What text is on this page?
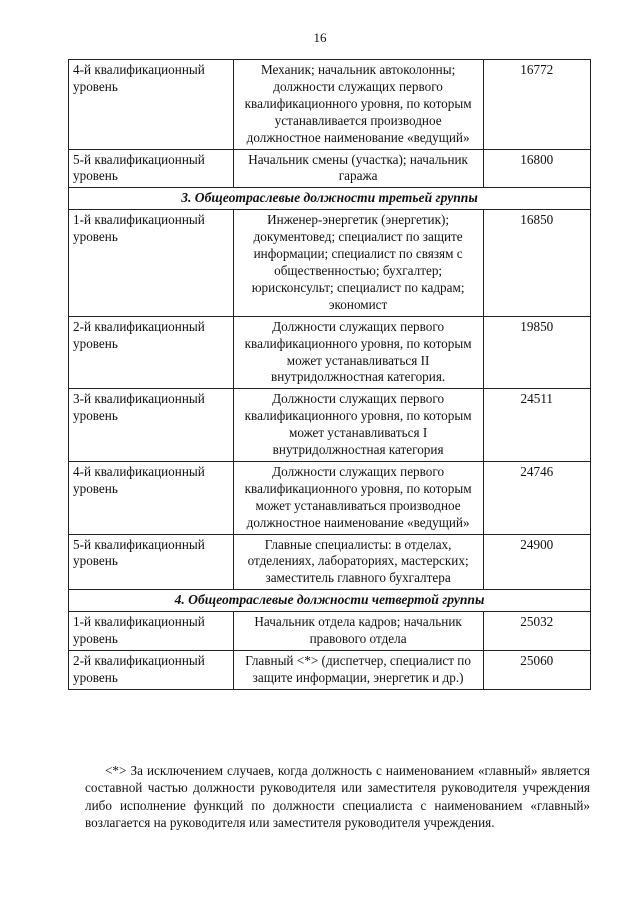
16
4-й квалификационный уровень	Механик; начальник автоколонны; должности служащих первого квалификационного уровня, по которым устанавливается производное должностное наименование «ведущий»	16772
5-й квалификационный уровень	Начальник смены (участка); начальник гаража	16800
3. Общеотраслевые должности третьей группы		
1-й квалификационный уровень	Инженер-энергетик (энергетик); документовед; специалист по защите информации; специалист по связям с общественностью; бухгалтер; юрисконсульт; специалист по кадрам; экономист	16850
2-й квалификационный уровень	Должности служащих первого квалификационного уровня, по которым может устанавливаться II внутридолжностная категория.	19850
3-й квалификационный уровень	Должности служащих первого квалификационного уровня, по которым может устанавливаться I внутридолжностная категория	24511
4-й квалификационный уровень	Должности служащих первого квалификационного уровня, по которым может устанавливаться производное должностное наименование «ведущий»	24746
5-й квалификационный уровень	Главные специалисты: в отделах, отделениях, лабораториях, мастерских; заместитель главного бухгалтера	24900
4. Общеотраслевые должности четвертой группы		
1-й квалификационный уровень	Начальник отдела кадров; начальник правового отдела	25032
2-й квалификационный уровень	Главный <*> (диспетчер, специалист по защите информации, энергетик и др.)	25060

<*> За исключением случаев, когда должность с наименованием «главный» является составной частью должности руководителя или заместителя руководителя учреждения либо исполнение функций по должности специалиста с наименованием «главный» возлагается на руководителя или заместителя руководителя учреждения.
